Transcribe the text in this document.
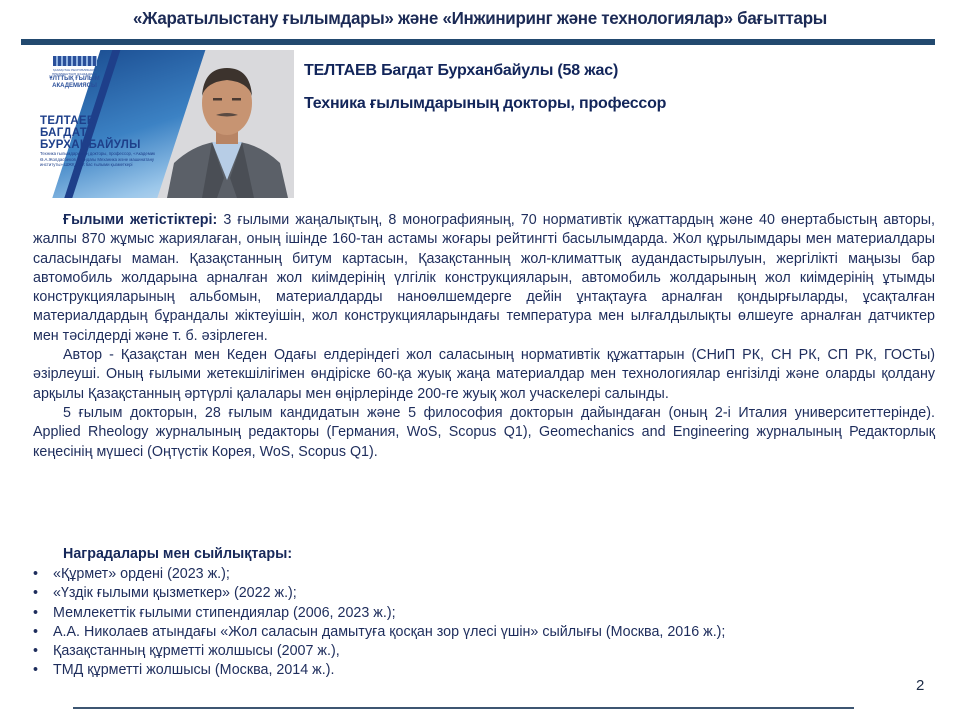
«Жаратылыстану ғылымдары» және «Инжиниринг және технологиялар» бағыттары
ҚАЗАҚСТАН РЕСПУБЛИКАСЫ ПРЕЗИДЕНТІНІҢ ЖАНЫНДАҒЫ
ҰЛТТЫҚ ҒЫЛЫМ АКАДЕМИЯСЫ
ТЕЛТАЕВ
БАГДАТ
БУРХАНБАЙУЛЫ
Техника ғылымдарының докторы, профессор, «Академик Ө.А.Жолдасбеков атындағы Механика және машинатану институты» ШЖҚ РМК бас ғылыми қызметкері
ТЕЛТАЕВ Багдат Бурханбайулы (58 жас)
Техника ғылымдарының докторы, профессор

Ғылыми жетістіктері: 3 ғылыми жаңалықтың, 8 монографияның, 70 нормативтік құжаттардың және 40 өнертабыстың авторы, жалпы 870 жұмыс жариялаған, оның ішінде 160-тан астамы жоғары рейтингті басылымдарда. Жол құрылымдары мен материалдары саласындағы маман. Қазақстанның битум картасын, Қазақстанның жол-климаттық аудандастырылуын, жергілікті маңызы бар автомобиль жолдарына арналған жол киімдерінің үлгілік конструкцияларын, автомобиль жолдарының жол киімдерінің ұтымды конструкцияларының альбомын, материалдарды наноөлшемдерге дейін ұнтақтауға арналған қондырғыларды, ұсақталған материалдардың бұрандалы жіктеуішін, жол конструкцияларындағы температура мен ылғалдылықты өлшеуге арналған датчиктер мен тәсілдерді және т. б. әзірлеген.

Автор - Қазақстан мен Кеден Одағы елдеріндегі жол саласының нормативтік құжаттарын (СНиП РК, СН РК, СП РК, ГОСТы) әзірлеуші. Оның ғылыми жетекшілігімен өндіріске 60-қа жуық жаңа материалдар мен технологиялар енгізілді және оларды қолдану арқылы Қазақстанның әртүрлі қалалары мен өңірлерінде 200-ге жуық жол учаскелері салынды.

5 ғылым докторын, 28 ғылым кандидатын және 5 философия докторын дайындаған (оның 2-і Италия университеттерінде). Applied Rheology журналының редакторы (Германия, WoS, Scopus Q1), Geomechanics and Engineering журналының Редакторлық кеңесінің мүшесі (Оңтүстік Корея, WoS, Scopus Q1).

Наградалары мен сыйлықтары:
• «Құрмет» ордені (2023 ж.);
• «Үздік ғылыми қызметкер» (2022 ж.);
• Мемлекеттік ғылыми стипендиялар (2006, 2023 ж.);
• А.А. Николаев атындағы «Жол саласын дамытуға қосқан зор үлесі үшін» сыйлығы (Москва, 2016 ж.);
• Қазақстанның құрметті жолшысы (2007 ж.),
• ТМД құрметті жолшысы (Москва, 2014 ж.).
2
